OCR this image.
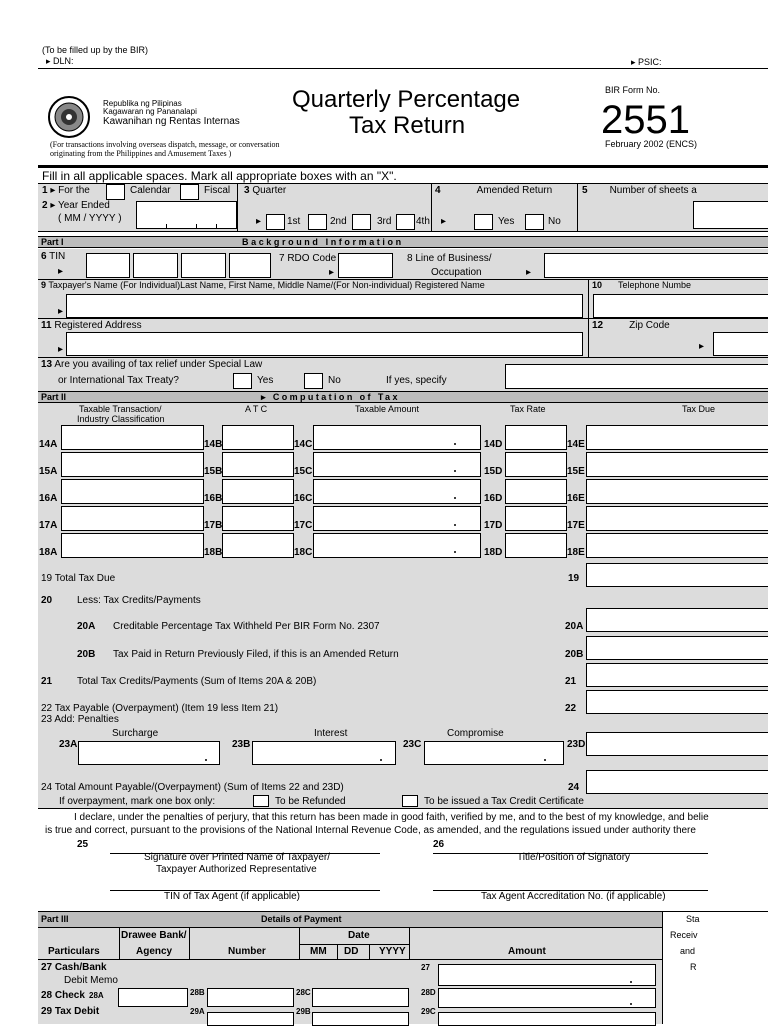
(To be filled up by the BIR)
▸ DLN:	▸ PSIC:
Republika ng Pilipinas
Kagawaran ng Pananalapi
Kawanihan ng Rentas Internas
Quarterly Percentage
Tax Return
(For transactions involving overseas dispatch, message, or conversation
originating from the Philippines and Amusement Taxes )
BIR Form No.
2551
February 2002 (ENCS)
Fill in all applicable spaces. Mark all appropriate boxes with an "X".
1 ▸ For the	Calendar	Fiscal 3 Quarter
2 ▸ Year Ended
( MM / YYYY )	▸	1st	2nd	3rd 4th
4	Amended Return
▸	Yes	No
5 Number of sheets a
Part I	Background Information
6 TIN
▸
7 RDO Code
▸
8 Line of Business/
Occupation	▸
9 Taxpayer's Name (For Individual)Last Name, First Name, Middle Name/(For Non-individual) Registered Name
▸
10 Telephone Numbe
11 Registered Address
▸
12	Zip Code
▸
13 Are you availing of tax relief under Special Law
or International Tax Treaty?	Yes	No	If yes, specify
Part II	▸ Computation of Tax
Taxable Transaction/
Industry Classification
A T C	Taxable Amount	Tax Rate	Tax Due
14A	14B	14C	14D	14E
15A	15B	15C	15D	15E
16A	16B	16C	16D	16E
17A	17B	17C	17D	17E
18A	18B	18C	18D	18E
19 Total Tax Due	19
20 Less: Tax Credits/Payments
20A Creditable Percentage Tax Withheld Per BIR Form No. 2307	20A
20B Tax Paid in Return Previously Filed, if this is an Amended Return	20B
21 Total Tax Credits/Payments (Sum of Items 20A & 20B)	21
22 Tax Payable (Overpayment) (Item 19 less Item 21)	22
23 Add: Penalties
Surcharge	Interest	Compromise
23A	23B	23C	23D
24 Total Amount Payable/(Overpayment) (Sum of Items 22 and 23D)	24
If overpayment, mark one box only:	To be Refunded	To be issued a Tax Credit Certificate
I declare, under the penalties of perjury, that this return has been made in good faith, verified by me, and to the best of my knowledge, and belie
is true and correct, pursuant to the provisions of the National Internal Revenue Code, as amended, and the regulations issued under authority there
25	26
Signature over Printed Name of Taxpayer/
Taxpayer Authorized Representative
Title/Position of Signatory
TIN of Tax Agent (if applicable)	Tax Agent Accreditation No. (if applicable)
Part III	Details of Payment
Drawee Bank/
Particulars	Agency	Number
Date
MM DD YYYY	Amount
Sta
Receiv
and
R
27 Cash/Bank
Debit Memo
27
28 Check 28A	28B	28C	28D
29 Tax Debit	29A	29B	29C
